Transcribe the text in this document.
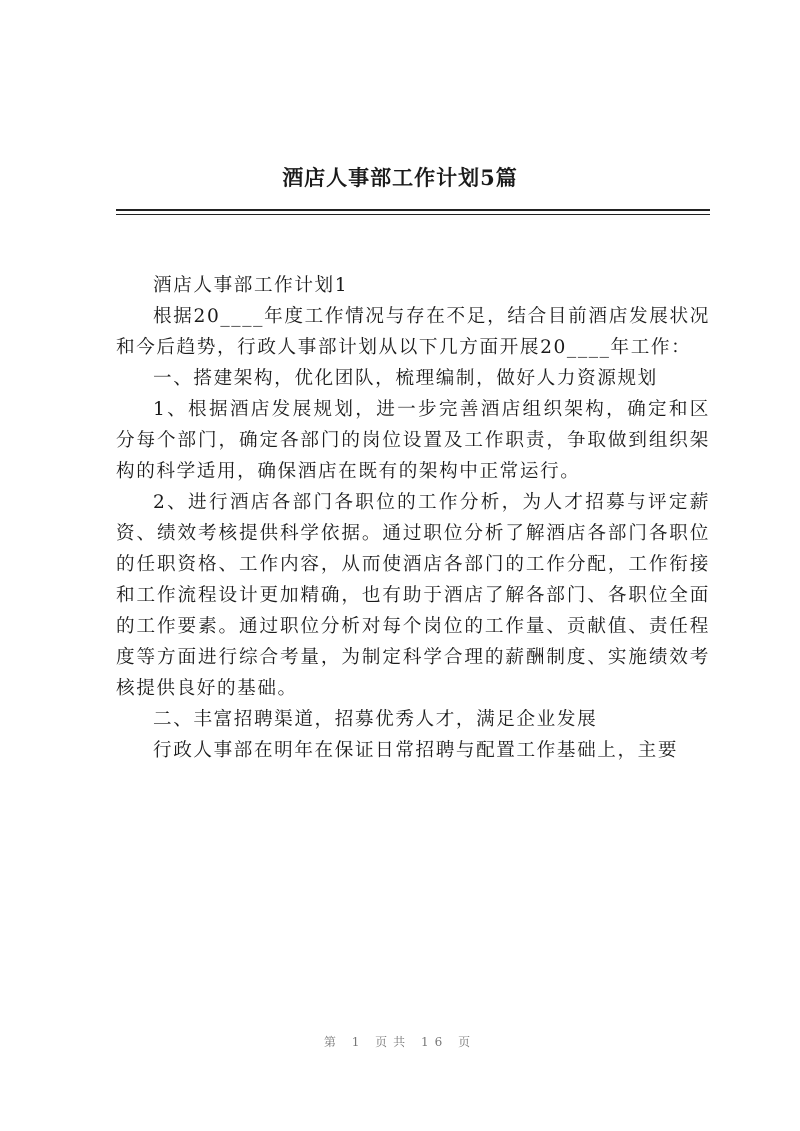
酒店人事部工作计划5篇

酒店人事部工作计划1

根据20____年度工作情况与存在不足，结合目前酒店发展状况和今后趋势，行政人事部计划从以下几方面开展20____年工作：

一、搭建架构，优化团队，梳理编制，做好人力资源规划

1、根据酒店发展规划，进一步完善酒店组织架构，确定和区分每个部门，确定各部门的岗位设置及工作职责，争取做到组织架构的科学适用，确保酒店在既有的架构中正常运行。

2、进行酒店各部门各职位的工作分析，为人才招募与评定薪资、绩效考核提供科学依据。通过职位分析了解酒店各部门各职位的任职资格、工作内容，从而使酒店各部门的工作分配，工作衔接和工作流程设计更加精确，也有助于酒店了解各部门、各职位全面的工作要素。通过职位分析对每个岗位的工作量、贡献值、责任程度等方面进行综合考量，为制定科学合理的薪酬制度、实施绩效考核提供良好的基础。

二、丰富招聘渠道，招募优秀人才，满足企业发展

行政人事部在明年在保证日常招聘与配置工作基础上，主要

第 1 页共 16 页
